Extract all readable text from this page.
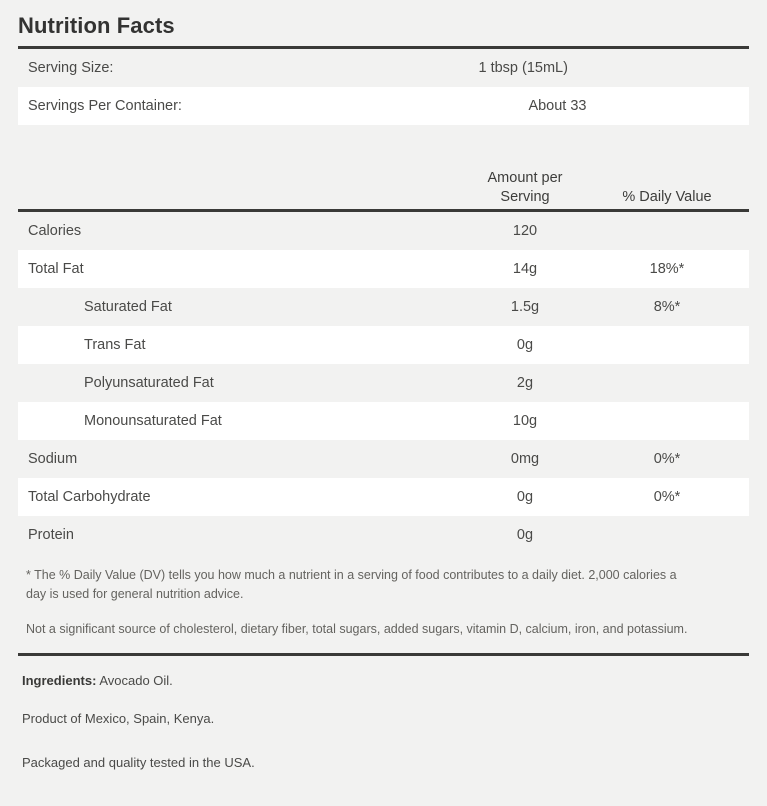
Nutrition Facts
Serving Size:	1 tbsp (15mL)
Servings Per Container:	About 33
Amount per
Serving	% Daily Value
Calories	120
Total Fat	14g	18%*
Saturated Fat	1.5g	8%*
Trans Fat	0g
Polyunsaturated Fat	2g
Monounsaturated Fat	10g
Sodium	0mg	0%*
Total Carbohydrate	0g	0%*
Protein	0g

* The % Daily Value (DV) tells you how much a nutrient in a serving of food contributes to a daily diet. 2,000 calories a day is used for general nutrition advice.

Not a significant source of cholesterol, dietary fiber, total sugars, added sugars, vitamin D, calcium, iron, and potassium.

Ingredients: Avocado Oil.

Product of Mexico, Spain, Kenya.

Packaged and quality tested in the USA.
